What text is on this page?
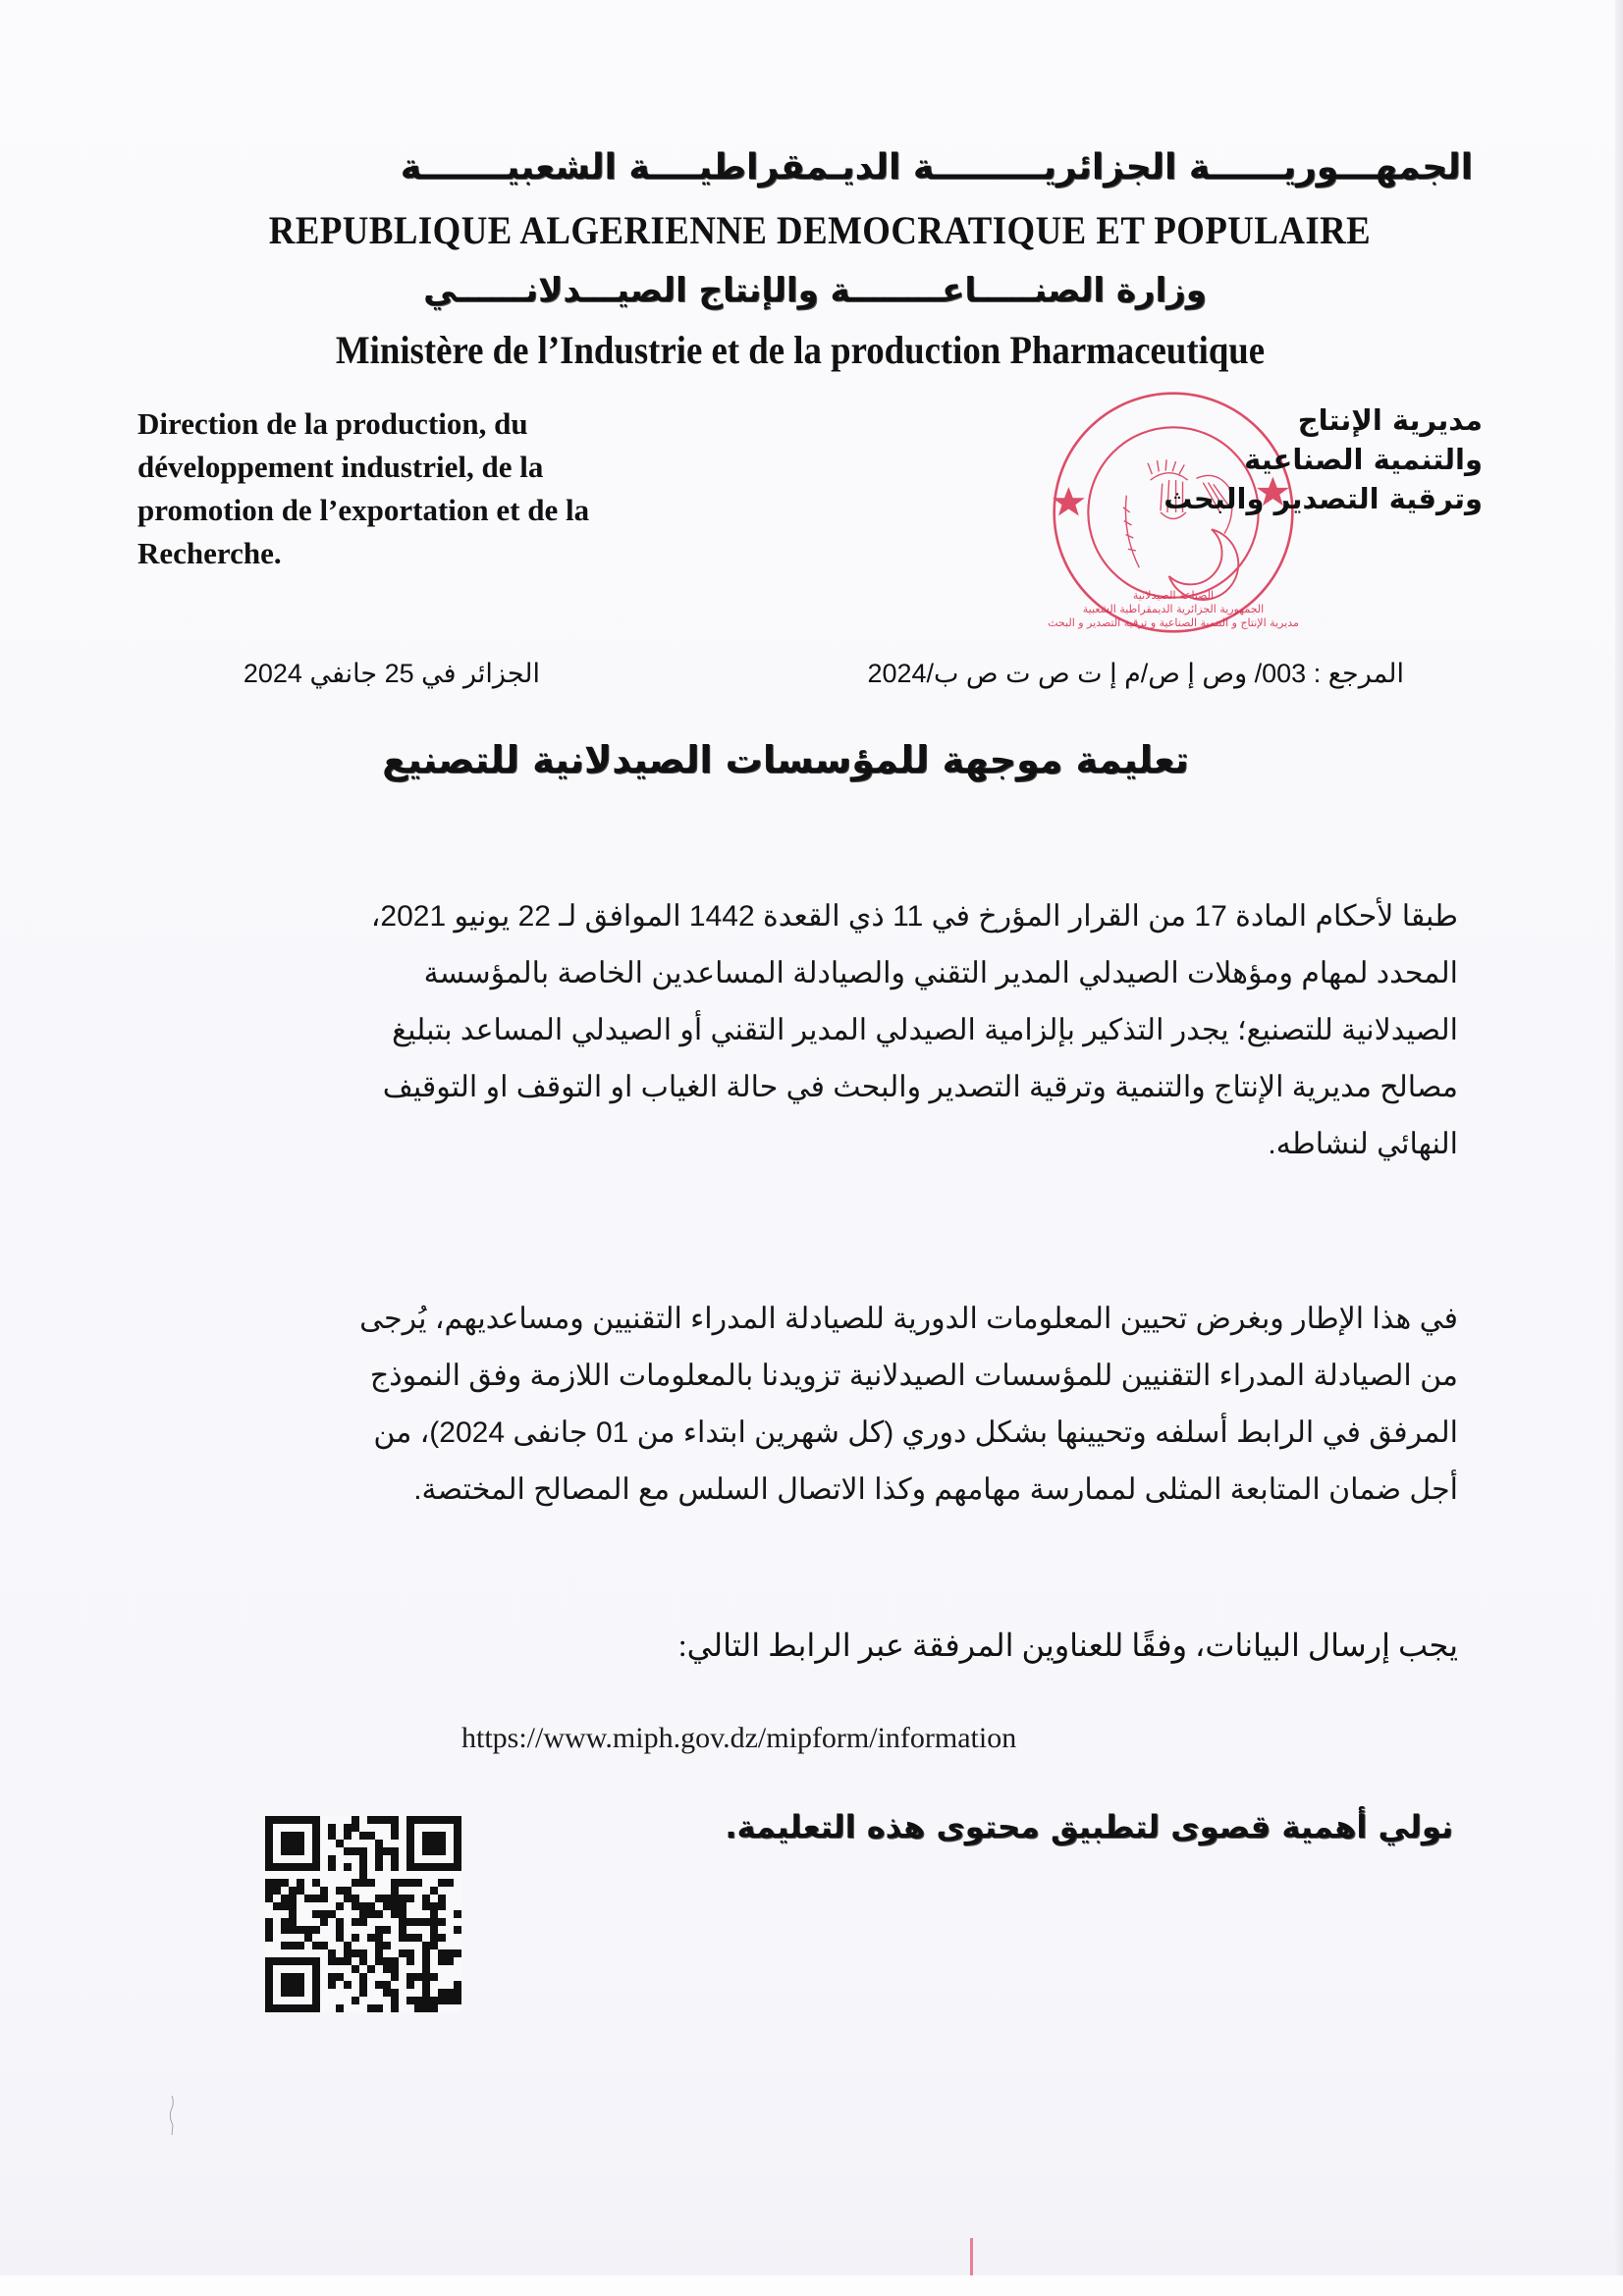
الجمهـــوريــــــة الجزائريـــــــــة الديـمقراطيــــة الشعبيـــــــة
REPUBLIQUE ALGERIENNE DEMOCRATIQUE ET POPULAIRE
وزارة الصنـــــاعــــــــة والإنتاج الصيـــدلانــــــي
Ministère de l’Industrie et de la production Pharmaceutique
Direction de la production, du
développement industriel, de la
promotion de l’exportation et de la
Recherche.
الصناعة الصيدلانية
الجمهورية الجزائرية الديمقراطية الشعبية
مديرية الإنتاج و التنمية الصناعية و ترقية التصدير و البحث
مديرية الإنتاج
والتنمية الصناعية
وترقية التصدير والبحث
المرجع : 003/ وص إ ص/م إ ت ص ت ص ب/2024
الجزائر في 25 جانفي 2024
تعليمة موجهة للمؤسسات الصيدلانية للتصنيع
طبقا لأحكام المادة 17 من القرار المؤرخ في 11 ذي القعدة 1442 الموافق لـ 22 يونيو 2021،
المحدد لمهام ومؤهلات الصيدلي المدير التقني والصيادلة المساعدين الخاصة بالمؤسسة
الصيدلانية للتصنيع؛ يجدر التذكير بإلزامية الصيدلي المدير التقني أو الصيدلي المساعد بتبليغ
مصالح مديرية الإنتاج والتنمية وترقية التصدير والبحث في حالة الغياب او التوقف او التوقيف
النهائي لنشاطه.
في هذا الإطار وبغرض تحيين المعلومات الدورية للصيادلة المدراء التقنيين ومساعديهم، يُرجى
من الصيادلة المدراء التقنيين للمؤسسات الصيدلانية تزويدنا بالمعلومات اللازمة وفق النموذج
المرفق في الرابط أسلفه وتحيينها بشكل دوري (كل شهرين ابتداء من 01 جانفى 2024)، من
أجل ضمان المتابعة المثلى لممارسة مهامهم وكذا الاتصال السلس مع المصالح المختصة.
يجب إرسال البيانات، وفقًا للعناوين المرفقة عبر الرابط التالي:
https://www.miph.gov.dz/mipform/information
نولي أهمية قصوى لتطبيق محتوى هذه التعليمة.
